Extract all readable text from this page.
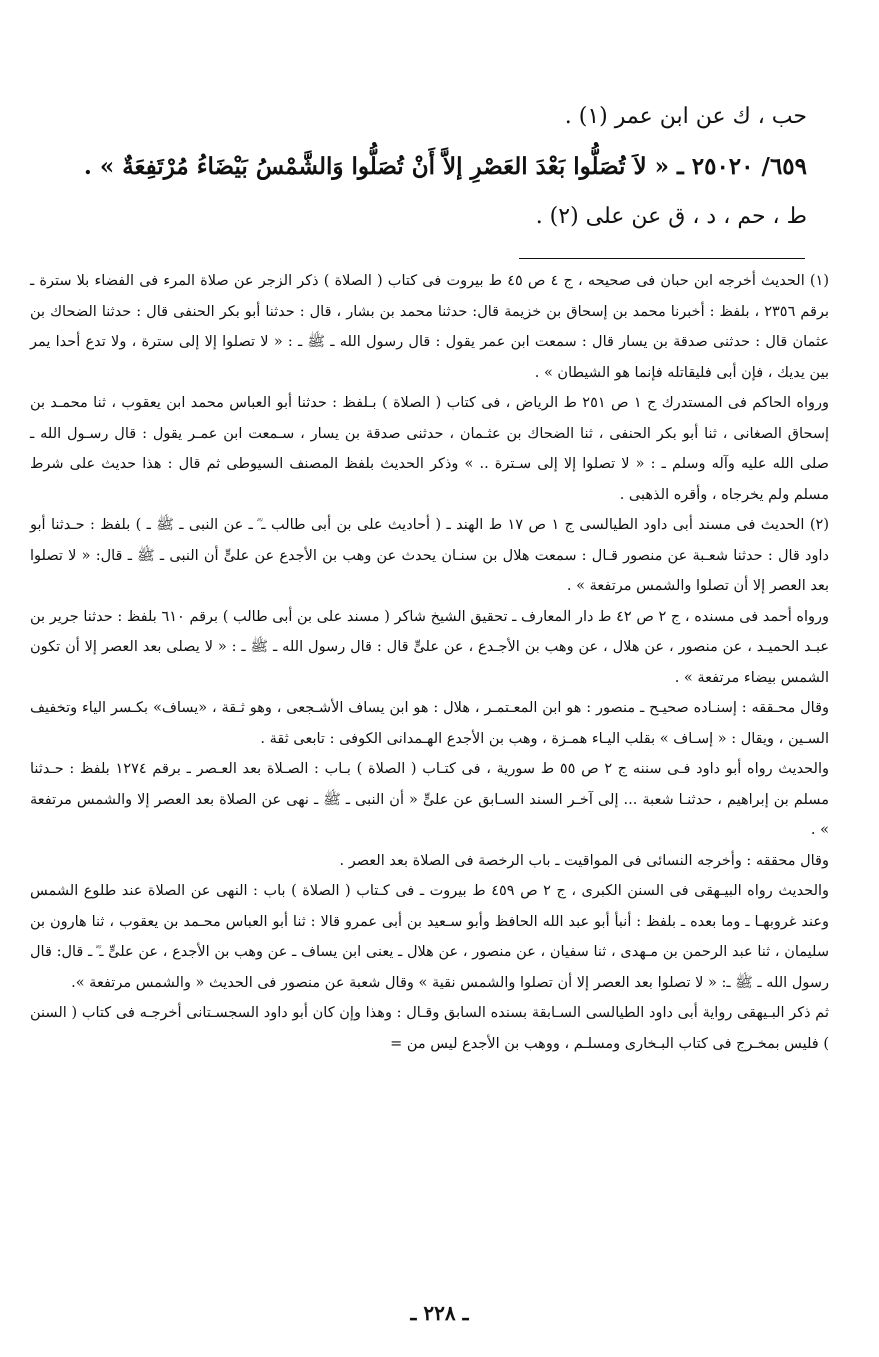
حب ، ك عن ابن عمر (١) .

٦٥٩/ ٢٥٠٢٠ ـ « لاَ تُصَلُّوا بَعْدَ العَصْرِ إلاَّ أَنْ تُصَلُّوا وَالشَّمْسُ بَيْضَاءُ مُرْتَفِعَةٌ » .

ط ، حم ، د ، ق عن على (٢) .

(١) الحديث أخرجه ابن حبان فى صحيحه ، ج ٤ ص ٤٥ ط بيروت فى كتاب ( الصلاة ) ذكر الزجر عن صلاة المرء فى الفضاء بلا سترة ـ برقم ٢٣٥٦ ، بلفظ : أخبرنا محمد بن إسحاق بن خزيمة قال: حدثنا محمد بن بشار ، قال : حدثنا أبو بكر الحنفى قال : حدثنا الضحاك بن عثمان قال : حدثنى صدقة بن يسار قال : سمعت ابن عمر يقول : قال رسول الله ـ ﷺ ـ : « لا تصلوا إلا إلى سترة ، ولا تدع أحدا يمر بين يديك ، فإن أبى فليقاتله فإنما هو الشيطان » .

ورواه الحاكم فى المستدرك ج ١ ص ٢٥١ ط الرياض ، فى كتاب ( الصلاة ) بـلفظ : حدثنا أبو العباس محمد ابن يعقوب ، ثنا محمـد بن إسحاق الصغانى ، ثنا أبو بكر الحنفى ، ثنا الضحاك بن عثـمان ، حدثنى صدقة بن يسار ، سـمعت ابن عمـر يقول : قال رسـول الله ـ صلى الله عليه وآله وسلم ـ : « لا تصلوا إلا إلى سـترة .. » وذكر الحديث بلفظ المصنف السيوطى ثم قال : هذا حديث على شرط مسلم ولم يخرجاه ، وأقره الذهبى .

(٢) الحديث فى مسند أبى داود الطيالسى ج ١ ص ١٧ ط الهند ـ ( أحاديث على بن أبى طالب ـ ؓ ـ عن النبى ـ ﷺ ـ ) بلفظ : حـدثنا أبو داود قال : حدثنا شعـبة عن منصور قـال : سمعت هلال بن سنـان يحدث عن وهب بن الأجدع عن علىٍّ أن النبى ـ ﷺ ـ قال: « لا تصلوا بعد العصر إلا أن تصلوا والشمس مرتفعة » .

ورواه أحمد فى مسنده ، ج ٢ ص ٤٢ ط دار المعارف ـ تحقيق الشيخ شاكر ( مسند على بن أبى طالب ) برقم ٦١٠ بلفظ : حدثنا جرير بن عبـد الحميـد ، عن منصور ، عن هلال ، عن وهب بن الأجـدع ، عن علىٍّ قال : قال رسول الله ـ ﷺ ـ : « لا يصلى بعد العصر إلا أن تكون الشمس بيضاء مرتفعة » .

وقال محـققه : إسنـاده صحيـح ـ منصور : هو ابن المعـتمـر ، هلال : هو ابن يساف الأشـجعى ، وهو ثـقة ، «يساف» بكـسر الياء وتخفيف السـين ، ويقال : « إسـاف » بقلب اليـاء همـزة ، وهب بن الأجدع الهـمدانى الكوفى : تابعى ثقة .

والحديث رواه أبو داود فـى سننه ج ٢ ص ٥٥ ط سورية ، فى كتـاب ( الصلاة ) بـاب : الصـلاة بعد العـصر ـ برقم ١٢٧٤ بلفظ : حـدثنا مسلم بن إبراهيم ، حدثنـا شعبة ... إلى آخـر السند السـابق عن علىٍّ « أن النبى ـ ﷺ ـ نهى عن الصلاة بعد العصر إلا والشمس مرتفعة » .

وقال محققه : وأخرجه النسائى فى المواقيت ـ باب الرخصة فى الصلاة بعد العصر .

والحديث رواه البيـهقى فى السنن الكبرى ، ج ٢ ص ٤٥٩ ط بيروت ـ فى كـتاب ( الصلاة ) باب : النهى عن الصلاة عند طلوع الشمس وعند غروبهـا ـ وما بعده ـ بلفظ : أنبأ أبو عبد الله الحافظ وأبو سـعيد بن أبى عمرو قالا : ثنا أبو العباس محـمد بن يعقوب ، ثنا هارون بن سليمان ، ثنا عبد الرحمن بن مـهدى ، ثنا سفيان ، عن منصور ، عن هلال ـ يعنى ابن يساف ـ عن وهب بن الأجدع ، عن علىٍّ ـ ؓ ـ قال: قال رسول الله ـ ﷺ ـ: « لا تصلوا بعد العصر إلا أن تصلوا والشمس نقية » وقال شعبة عن منصور فى الحديث « والشمس مرتفعة ».

ثم ذكر البـيهقى رواية أبى داود الطيالسى السـابقة بسنده السابق وقـال : وهذا وإن كان أبو داود السجسـتانى أخرجـه فى كتاب ( السنن ) فليس بمخـرج فى كتاب البـخارى ومسلـم ، ووهب بن الأجدع ليس من =

ـ ٢٢٨ ـ
